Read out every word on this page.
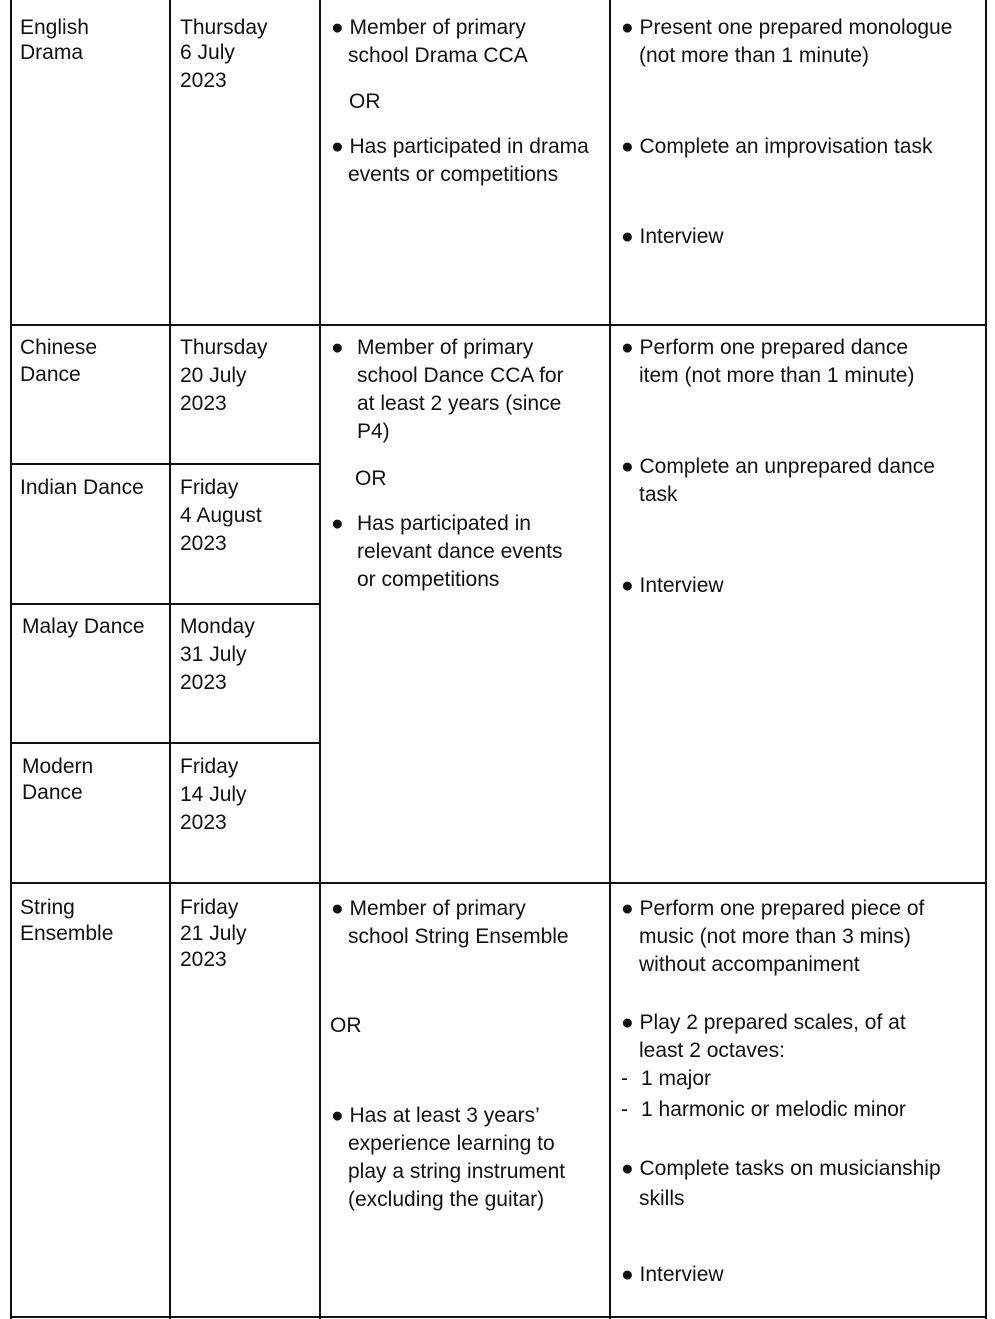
English
Drama
Thursday
6 July
2023
● Member of primary
school Drama CCA
OR
● Has participated in drama
events or competitions
● Present one prepared monologue
(not more than 1 minute)
● Complete an improvisation task
● Interview
Chinese
Dance
Thursday
20 July
2023
Indian Dance Friday
4 August
2023
Malay Dance Monday
31 July
2023
Modern
Dance
Friday
14 July
2023
● Member of primary
school Dance CCA for
at least 2 years (since
P4)
OR
● Has participated in
relevant dance events
or competitions
● Perform one prepared dance
item (not more than 1 minute)
● Complete an unprepared dance
task
● Interview
String
Ensemble
Friday
21 July
2023
● Member of primary
school String Ensemble
OR
● Has at least 3 years’
experience learning to
play a string instrument
(excluding the guitar)
● Perform one prepared piece of
music (not more than 3 mins)
without accompaniment
● Play 2 prepared scales, of at
least 2 octaves:
- 1 major
- 1 harmonic or melodic minor
● Complete tasks on musicianship
skills
● Interview
